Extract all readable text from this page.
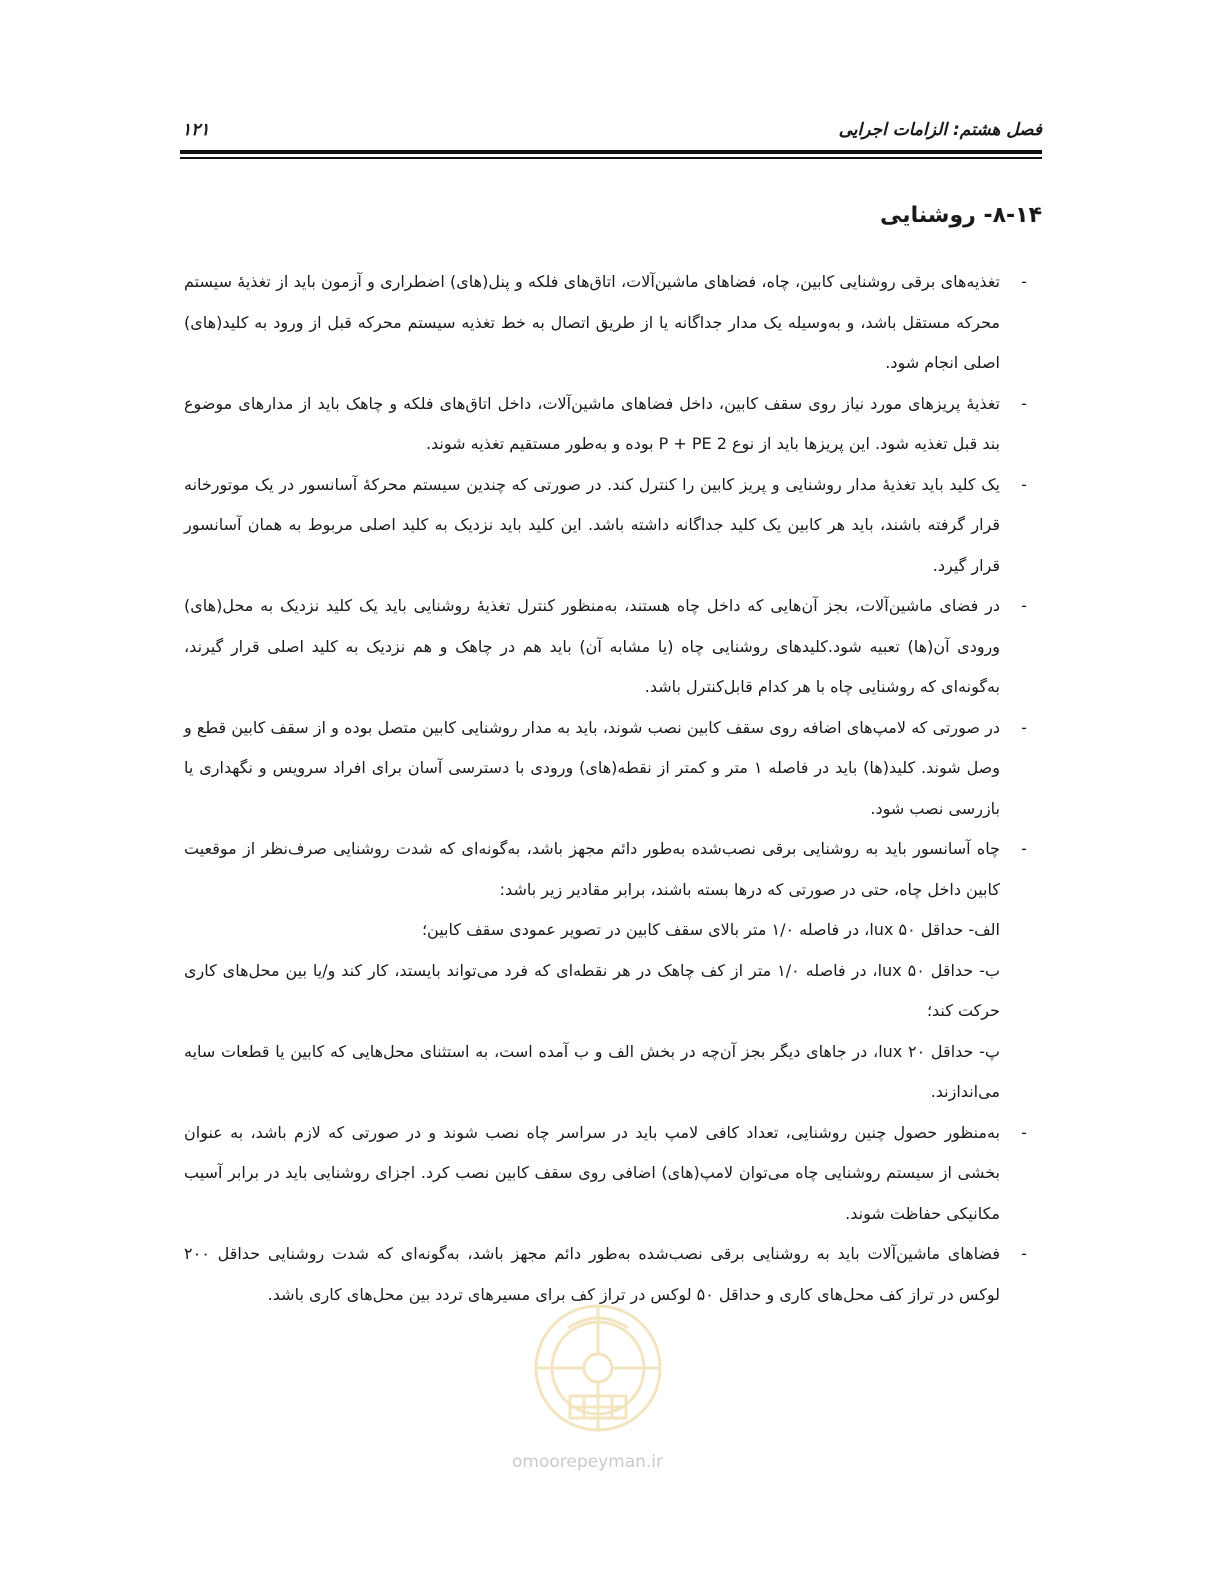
فصل هشتم: الزامات اجرایی
۱۲۱
۸-۱۴- روشنایی

-
تغذیه‌های برقی روشنایی کابین، چاه، فضاهای ماشین‌آلات، اتاق‌های فلکه و پنل(های) اضطراری و آزمون باید از تغذیهٔ سیستم محرکه مستقل باشد، و به‌وسیله یک مدار جداگانه یا از طریق اتصال به خط تغذیه سیستم محرکه قبل از ورود به کلید(های) اصلی انجام شود.

-
تغذیهٔ پریزهای مورد نیاز روی سقف کابین، داخل فضاهای ماشین‌آلات، داخل اتاق‌های فلکه و چاهک باید از مدارهای موضوع بند قبل تغذیه شود. این پریزها باید از نوع 2 P + PE بوده و به‌طور مستقیم تغذیه شوند.

-
یک کلید باید تغذیهٔ مدار روشنایی و پریز کابین را کنترل کند. در صورتی که چندین سیستم محرکهٔ آسانسور در یک موتورخانه قرار گرفته باشند، باید هر کابین یک کلید جداگانه داشته باشد. این کلید باید نزدیک به کلید اصلی مربوط به همان آسانسور قرار گیرد.

-
در فضای ماشین‌آلات، بجز آن‌هایی که داخل چاه هستند، به‌منظور کنترل تغذیهٔ روشنایی باید یک کلید نزدیک به محل(های) ورودی آن(ها) تعبیه شود.کلیدهای روشنایی چاه (یا مشابه آن) باید هم در چاهک و هم نزدیک به کلید اصلی قرار گیرند، به‌گونه‌ای که روشنایی چاه با هر کدام قابل‌کنترل باشد.

-
در صورتی که لامپ‌های اضافه روی سقف کابین نصب شوند، باید به مدار روشنایی کابین متصل بوده و از سقف کابین قطع و وصل شوند. کلید(ها) باید در فاصله ۱ متر و کمتر از نقطه(های) ورودی با دسترسی آسان برای افراد سرویس و نگهداری یا بازرسی نصب شود.

-
چاه آسانسور باید به روشنایی برقی نصب‌شده به‌طور دائم مجهز باشد، به‌گونه‌ای که شدت روشنایی صرف‌نظر از موقعیت کابین داخل چاه، حتی در صورتی که درها بسته باشند، برابر مقادیر زیر باشد:

الف- حداقل ۵۰ lux، در فاصله ۱/۰ متر بالای سقف کابین در تصویر عمودی سقف کابین؛

ب- حداقل ۵۰ lux، در فاصله ۱/۰ متر از کف چاهک در هر نقطه‌ای که فرد می‌تواند بایستد، کار کند و/یا بین محل‌های کاری حرکت کند؛

پ- حداقل ۲۰ lux، در جاهای دیگر بجز آن‌چه در بخش الف و ب آمده است، به استثنای محل‌هایی که کابین یا قطعات سایه می‌اندازند.

-
به‌منظور حصول چنین روشنایی، تعداد کافی لامپ باید در سراسر چاه نصب شوند و در صورتی که لازم باشد، به عنوان بخشی از سیستم روشنایی چاه می‌توان لامپ(های) اضافی روی سقف کابین نصب کرد. اجزای روشنایی باید در برابر آسیب مکانیکی حفاظت شوند.

-
فضاهای ماشین‌آلات باید به روشنایی برقی نصب‌شده به‌طور دائم مجهز باشد، به‌گونه‌ای که شدت روشنایی حداقل ۲۰۰ لوکس در تراز کف محل‌های کاری و حداقل ۵۰ لوکس در تراز کف برای مسیرهای تردد بین محل‌های کاری باشد.

omoorepeyman.ir
